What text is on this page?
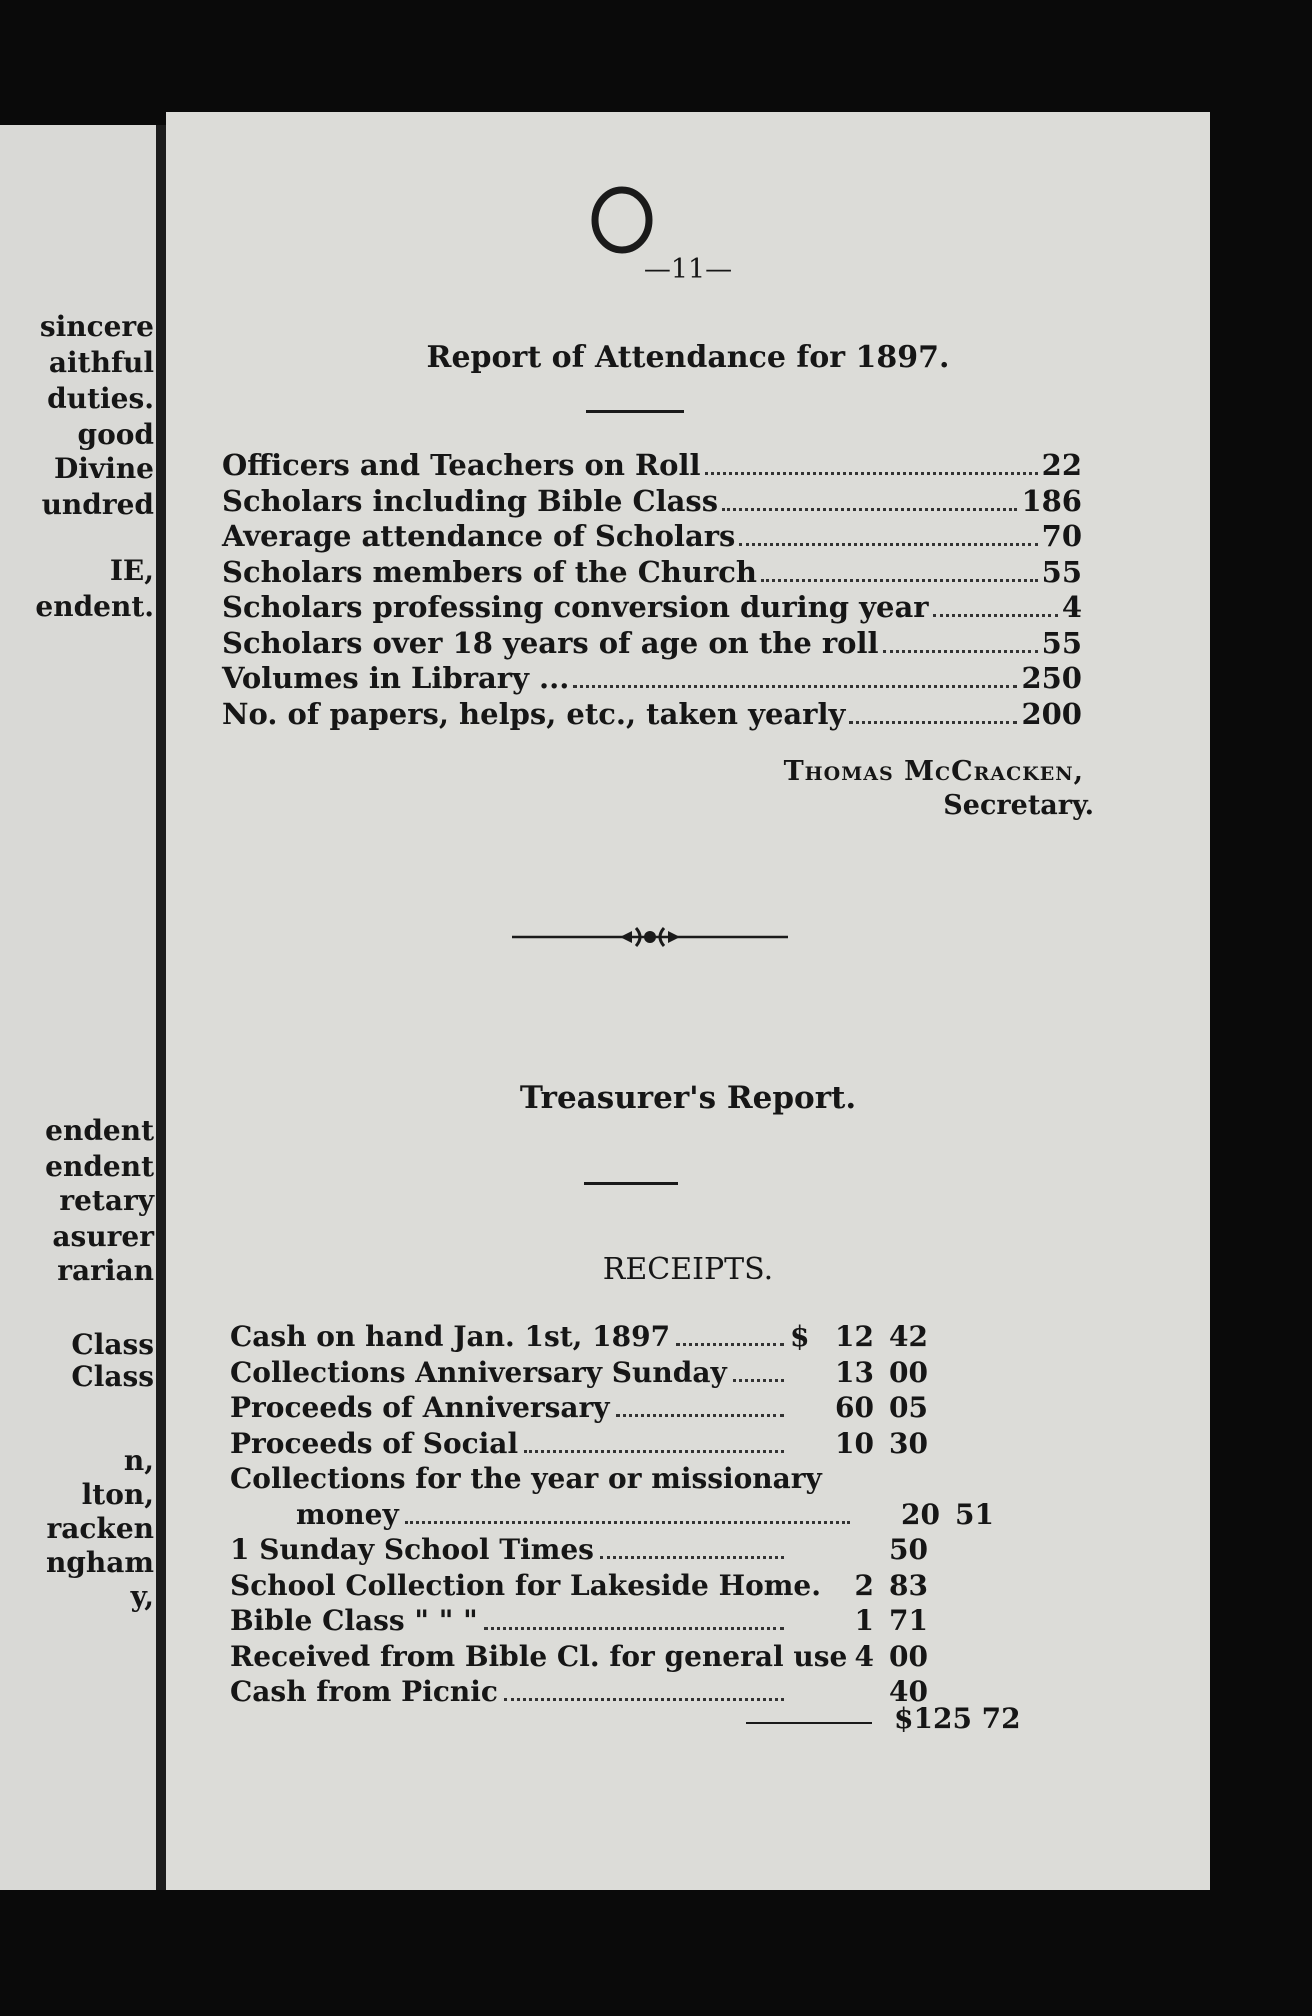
sincere
aithful
duties.
good
Divine
undred
IE,
endent.
endent
endent
retary
asurer
rarian
Class
Class
n,
lton,
racken
ngham
y,
—11—
Report of Attendance for 1897.
Officers and Teachers on Roll	22
Scholars including Bible Class	186
Average attendance of Scholars	70
Scholars members of the Church	55
Scholars professing conversion during year	4
Scholars over 18 years of age on the roll	55
Volumes in Library ...	250
No. of papers, helps, etc., taken yearly	200
Thomas McCracken,
Secretary.
Treasurer's Report.
RECEIPTS.
Cash on hand Jan. 1st, 1897	$ 12 42
Collections Anniversary Sunday	13 00
Proceeds of Anniversary	60 05
Proceeds of Social	10 30
Collections for the year or missionary
money	20 51
1 Sunday School Times	50
School Collection for Lakeside Home.	2 83
Bible Class " " "	1 71
Received from Bible Cl. for general use 4 00
Cash from Picnic	40
$125 72
